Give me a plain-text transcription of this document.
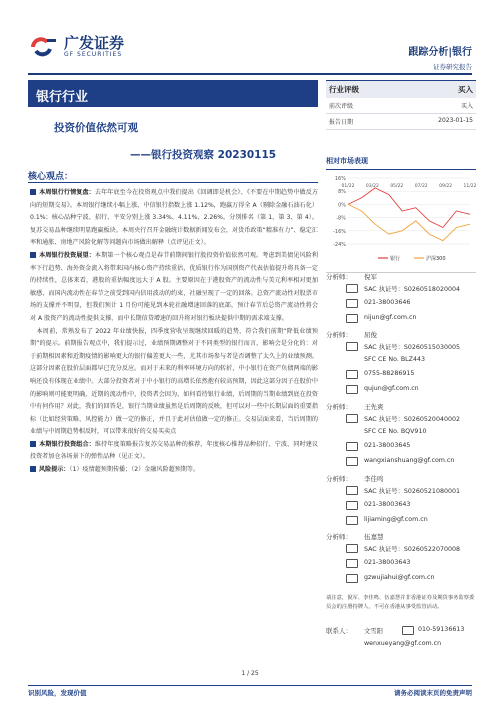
广发证券
GF SECURITIES	跟踪分析|银行
证券研究报告
银行行业
投资价值依然可观
——银行投资观察 20230115
核心观点：

本周银行行情复盘：去年年底至今在投资观点中我们提出《回调即是机会》、《不要在中期趋势中做反方向的短期交易》。本周银行继续小幅上涨，中信银行指数上涨 1.12%，跑赢万得全 A（剔除金融石油石化）0.1%；核心品种宁波、招行、平安分别上涨 3.34%、4.11%、2.26%，分别排名（第 1、第 3、第 4）。复苏交易品种继续明显跑赢板块。本周央行召开金融统计数据新闻发布会，对货币政策“精准有力”、稳定汇率和通胀、房地产风险化解等问题向市场做出解释（点评见正文）。

本周银行投资展望：本期第一个核心观点是春节前期间银行股投资价值依然可观。考虑到美债见风险利率下行趋势、海外资金流入将带来国内核心资产持续重估，优质银行作为国别资产代表估值提升将具备一定的持续性，总体来看，港股的重估幅度远大于 A 股。主要原因在于港股资产的流动性与美元利率相对更加敏感，而国内流动性在春节之前受到国内信用波动的约束，社融呈现了一定的回落。总资产流动性对股票市场的支撑并不明显，但我们预计 1 月份可能见到本轮社融增速回落的底部，预计春节后总资产流动性将会对 A 股资产的流动性提供支撑，而中长期信贷增速的回升将对银行板块提供中期的需求端支撑。

本周前，常熟发布了 2022 年业绩快报，四季度营收呈现继续回暖的趋势，符合我们前期“降低业绩预期”的提示。前期报告观点中，我们提示过，业绩预期调整对于不同类型的银行而言，影响会是分化的：对于前期相因素和近期疫情的影响更大的银行偏差更大一些，尤其市场参与者是否调整了太久上的业绩预测。这部分因素在股价层面都早已充分反应。而对于未来的利率环境方向的转折，中小银行在资产负债两端的影响还没有体现在业绩中。大部分投资者对于中小银行的高增长依然抱有较高预期，因此这部分因子在股价中的影响则可能更明确，近期的流动性中，投资者会因为，如何看待银行业绩，后周期的当期业绩到底在投资中有何作用？对此，我们的回答是，银行当期业绩虽然是后周期的反映，但可以对一些中长期层面的重要指标（比如经营策略、风控能力）做一定的修正，并且于此对估值做一定的修正。交易层面来看，当后周期的业绩与中周期趋势相反时，可以带来很好的交易买卖点

本期银行投资组合：维持年度策略报告复苏交易品种的推荐，年度核心推荐品种招行、宁波、同时建议投资者加仓各场景下的弹性品种（见正文）。

风险提示：（1）疫情超预期传播；（2）金融风险超预期等。

行业评级	买入
前次评级	买入
报告日期	2023-01-15
相对市场表现
16%
8%
0%
-8%
-16%
-24%
01/22	03/22	05/22	07/22	09/22	11/22
银行	沪深300
分析师： 倪军
SAC 执证号：S0260518020004
021-38003646
nijun@gf.com.cn
分析师： 屈俊
SAC 执证号：S0260515030005
SFC CE No. BLZ443
0755-88286915
qujun@gf.com.cn
分析师： 王先爽
SAC 执证号：S0260520040002
SFC CE No. BQV910
021-38003645
wangxianshuang@gf.com.cn
分析师： 李佳鸣
SAC 执证号：S0260521080001
021-38003643
lijiaming@gf.com.cn
分析师： 伍嘉慧
SAC 执证号：S0260522070008
021-38003643
gzwujiahui@gf.com.cn
请注意，倪军、李佳鸣、伍嘉慧并非香港证券及期货事务监察委员会的注册持牌人，不可在香港从事受监管活动。
联系人： 文雪阳	010-59136613
wenxueyang@gf.com.cn
1 / 25
识别风险，发现价值	请务必阅读末页的免责声明
